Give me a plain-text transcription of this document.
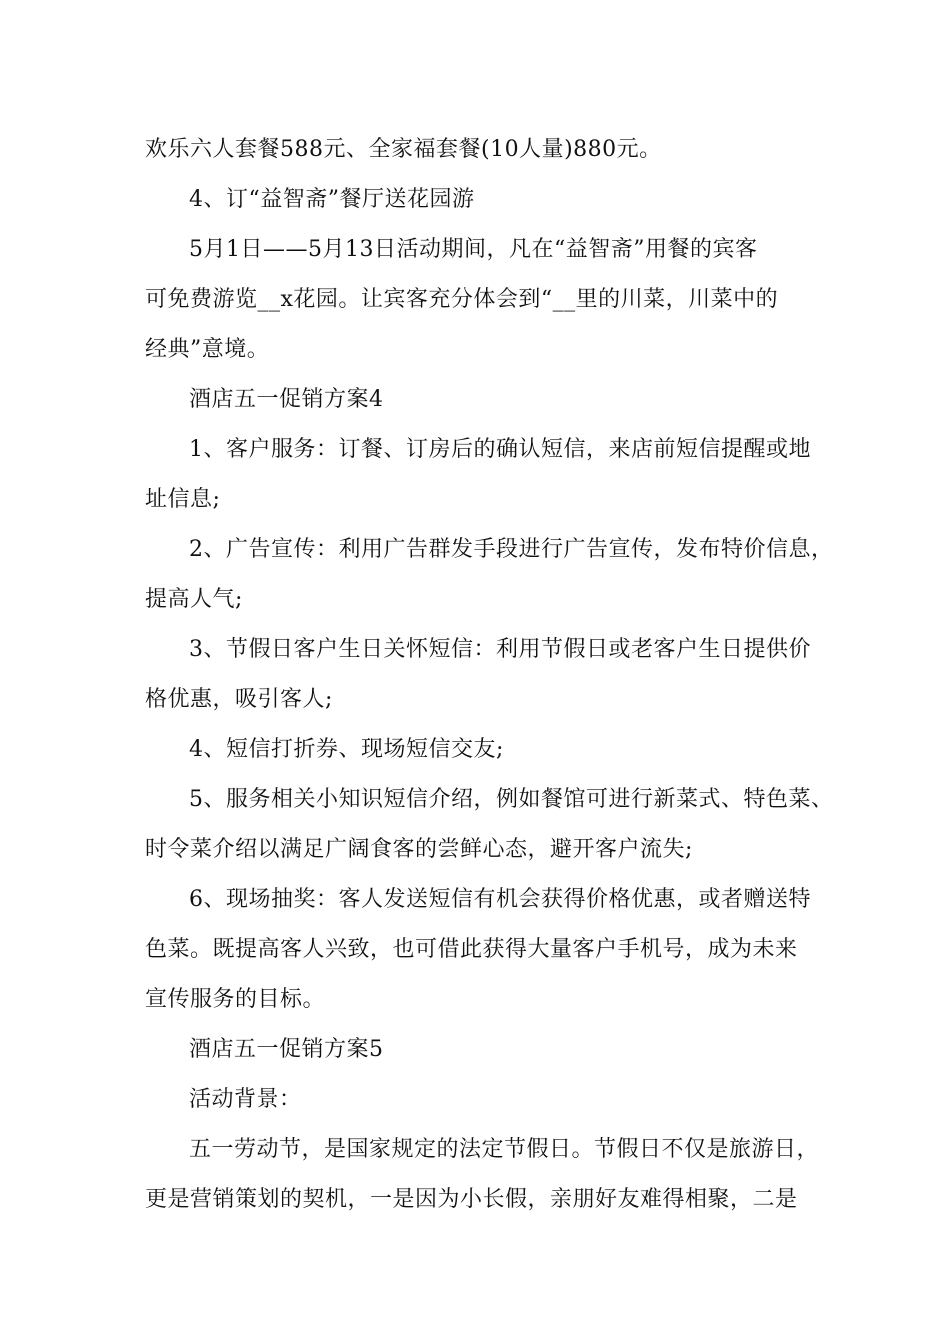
欢乐六人套餐588元、全家福套餐(10人量)880元。
4、订“益智斋”餐厅送花园游
5月1日——5月13日活动期间，凡在“益智斋”用餐的宾客
可免费游览__x花园。让宾客充分体会到“__里的川菜，川菜中的
经典”意境。
酒店五一促销方案4
1、客户服务：订餐、订房后的确认短信，来店前短信提醒或地
址信息;
2、广告宣传：利用广告群发手段进行广告宣传，发布特价信息，
提高人气;
3、节假日客户生日关怀短信：利用节假日或老客户生日提供价
格优惠，吸引客人;
4、短信打折券、现场短信交友;
5、服务相关小知识短信介绍，例如餐馆可进行新菜式、特色菜、
时令菜介绍以满足广阔食客的尝鲜心态，避开客户流失;
6、现场抽奖：客人发送短信有机会获得价格优惠，或者赠送特
色菜。既提高客人兴致，也可借此获得大量客户手机号，成为未来
宣传服务的目标。
酒店五一促销方案5
活动背景：
五一劳动节，是国家规定的法定节假日。节假日不仅是旅游日，
更是营销策划的契机，一是因为小长假，亲朋好友难得相聚，二是
